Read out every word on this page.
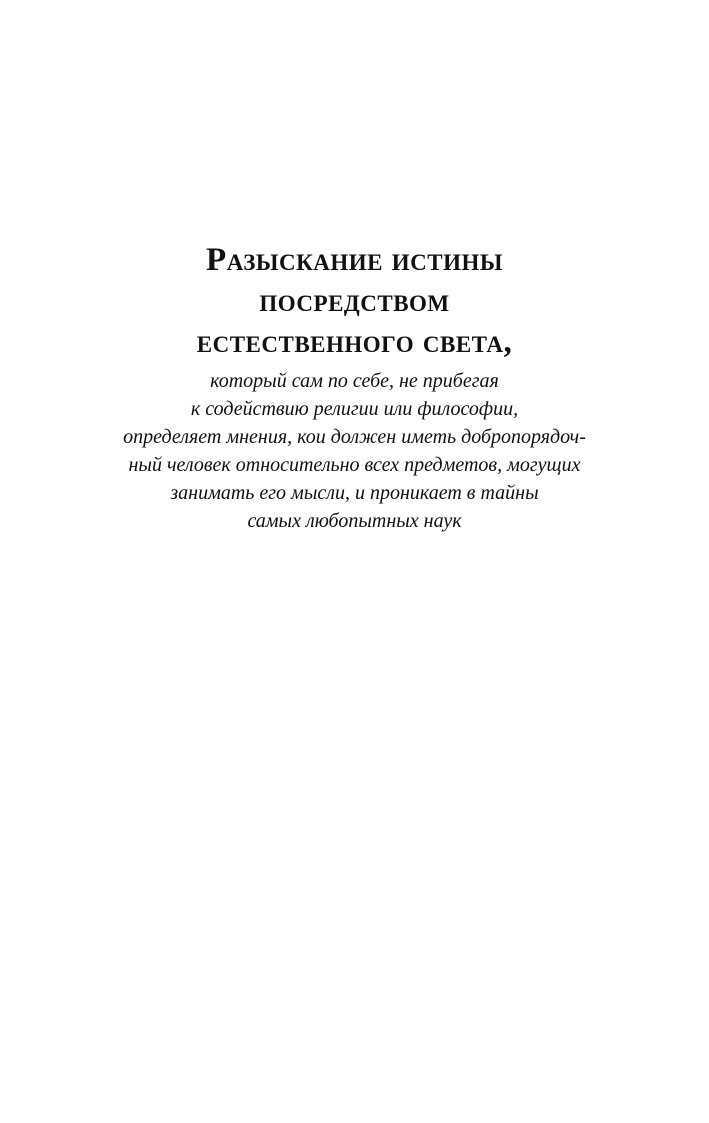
Разыскание истины
посредством
естественного света,
который сам по себе, не прибегая
к содействию религии или философии,
определяет мнения, кои должен иметь добропорядоч-
ный человек относительно всех предметов, могущих
занимать его мысли, и проникает в тайны
самых любопытных наук
